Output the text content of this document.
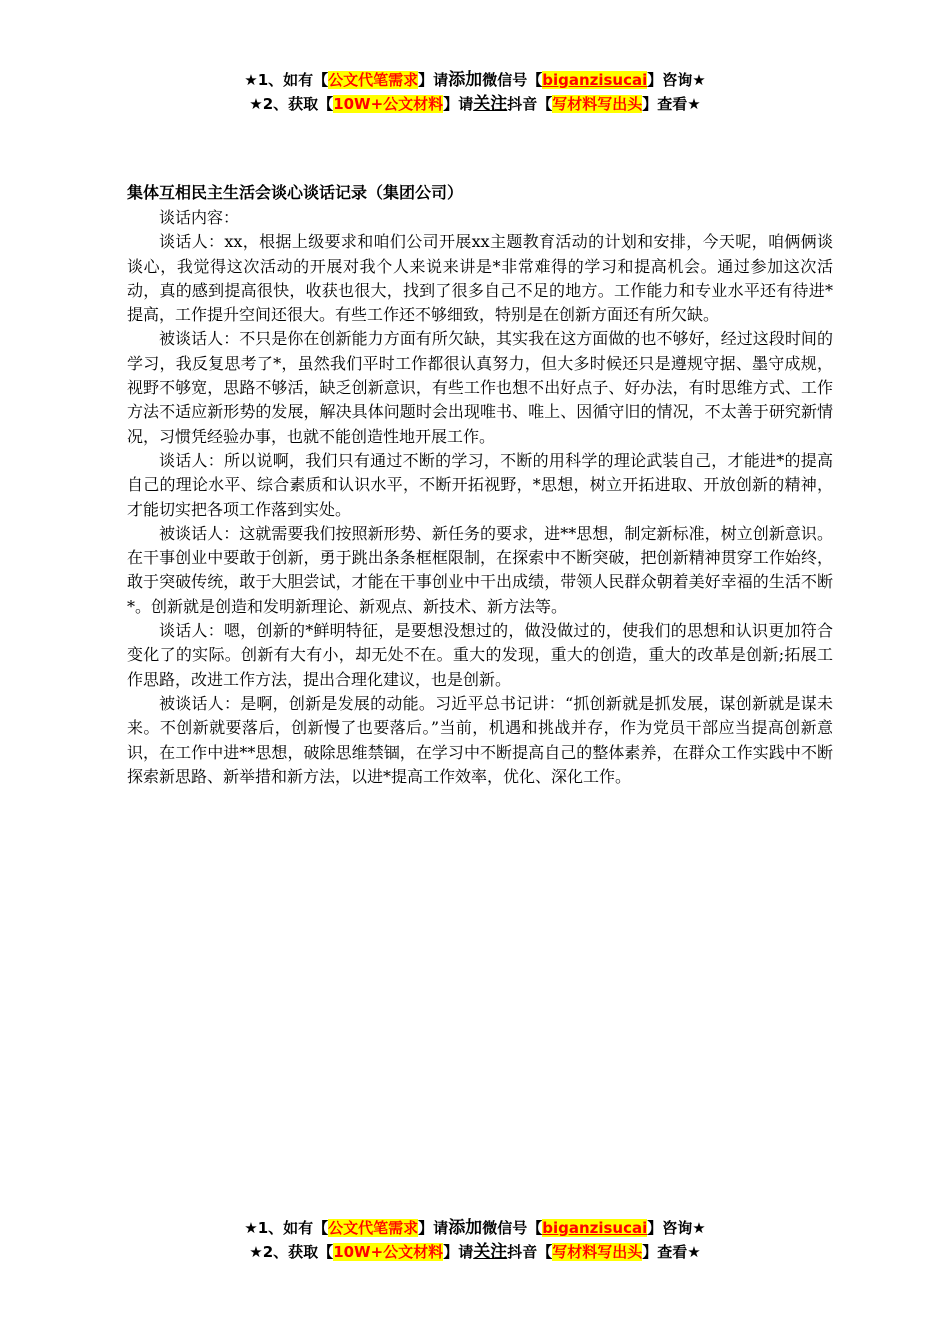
★1、如有【公文代笔需求】请添加微信号【biganzisucai】咨询★
★2、获取【10W+公文材料】请关注抖音【写材料写出头】查看★

集体互相民主生活会谈心谈话记录（集团公司）

谈话内容：

谈话人：xx，根据上级要求和咱们公司开展xx主题教育活动的计划和安排，今天呢，咱俩俩谈谈心，我觉得这次活动的开展对我个人来说来讲是*非常难得的学习和提高机会。通过参加这次活动，真的感到提高很快，收获也很大，找到了很多自己不足的地方。工作能力和专业水平还有待进*提高，工作提升空间还很大。有些工作还不够细致，特别是在创新方面还有所欠缺。

被谈话人：不只是你在创新能力方面有所欠缺，其实我在这方面做的也不够好，经过这段时间的学习，我反复思考了*，虽然我们平时工作都很认真努力，但大多时候还只是遵规守据、墨守成规，视野不够宽，思路不够活，缺乏创新意识，有些工作也想不出好点子、好办法，有时思维方式、工作方法不适应新形势的发展，解决具体问题时会出现唯书、唯上、因循守旧的情况，不太善于研究新情况，习惯凭经验办事，也就不能创造性地开展工作。

谈话人：所以说啊，我们只有通过不断的学习，不断的用科学的理论武装自己，才能进*的提高自己的理论水平、综合素质和认识水平，不断开拓视野，*思想，树立开拓进取、开放创新的精神，才能切实把各项工作落到实处。

被谈话人：这就需要我们按照新形势、新任务的要求，进**思想，制定新标准，树立创新意识。在干事创业中要敢于创新，勇于跳出条条框框限制，在探索中不断突破，把创新精神贯穿工作始终，敢于突破传统，敢于大胆尝试，才能在干事创业中干出成绩，带领人民群众朝着美好幸福的生活不断*。创新就是创造和发明新理论、新观点、新技术、新方法等。

谈话人：嗯，创新的*鲜明特征，是要想没想过的，做没做过的，使我们的思想和认识更加符合变化了的实际。创新有大有小，却无处不在。重大的发现，重大的创造，重大的改革是创新;拓展工作思路，改进工作方法，提出合理化建议，也是创新。

被谈话人：是啊，创新是发展的动能。习近平总书记讲：“抓创新就是抓发展，谋创新就是谋未来。不创新就要落后，创新慢了也要落后。”当前，机遇和挑战并存，作为党员干部应当提高创新意识，在工作中进**思想，破除思维禁锢，在学习中不断提高自己的整体素养，在群众工作实践中不断探索新思路、新举措和新方法，以进*提高工作效率，优化、深化工作。

★1、如有【公文代笔需求】请添加微信号【biganzisucai】咨询★
★2、获取【10W+公文材料】请关注抖音【写材料写出头】查看★
